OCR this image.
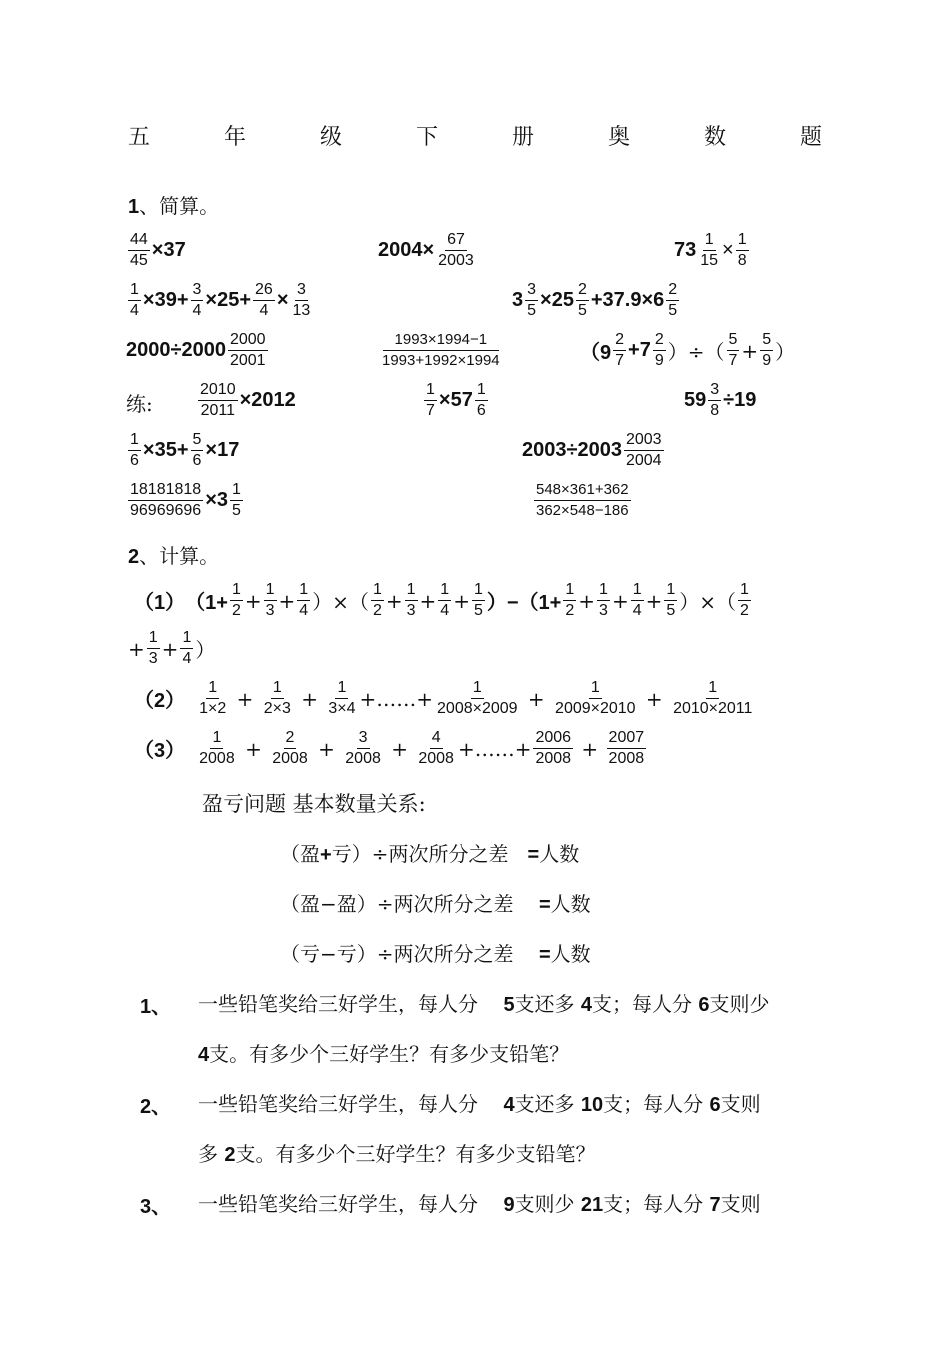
五	年	级	下	册	奥	数	题
1、简算。
$\frac{44}{45} \times 37$	$2004\times \frac{67}{2003}$	$73 \frac{1}{15} \times \frac{1}{8}$
$\frac{1}{4} \times 39+ \frac{3}{4} \times 25+ \frac{26}{4} \times \frac{3}{13}$	$3 \frac{3}{5} \times 25 \frac{2}{5} +37.9\times 6 \frac{2}{5}$
$2000\div 2000 \frac{2000}{2001}$	$\frac{1993\times 1994-1}{1993+1992\times 1994}$	（$9 \frac{2}{7} +7 \frac{2}{9}$ ）÷（ $\frac{5}{7} + \frac{5}{9}$ ）
练:	$\frac{2010}{2011} \times 2012$	$\frac{1}{7} \times 57 \frac{1}{6}$	$59 \frac{3}{8} \div 19$
$\frac{1}{6} \times 35+ \frac{5}{6} \times 17$	$2003\div 2003 \frac{2003}{2004}$
$\frac{18181818}{96969696} \times 3 \frac{1}{5}$	$\frac{548\times 361+362}{362\times 548-186}$
2、计算。
（1） （$1+ \frac{1}{2} + \frac{1}{3} + \frac{1}{4}$ ）×（ $\frac{1}{2} + \frac{1}{3} + \frac{1}{4} + \frac{1}{5} )-(1+ \frac{1}{2} + \frac{1}{3} + \frac{1}{4} + \frac{1}{5}$ ）×（ $\frac{1}{2}$
+ $\frac{1}{3} + \frac{1}{4}$ ）
$(2) \frac{1}{1\times 2} + \frac{1}{2\times 3} + \frac{1}{3\times 4}$ +……+ $\frac{1}{2008\times 2009} + \frac{1}{2009\times 2010} + \frac{1}{2010\times 2011}$
$(3) \frac{1}{2008} + \frac{2}{2008} + \frac{3}{2008} + \frac{4}{2008}$ +……+ $\frac{2006}{2008} + \frac{2007}{2008}$
盈亏问题 基本数量关系:
（盈+亏）÷两次所分之差 =人数
（盈−盈）÷两次所分之差 =人数
（亏−亏）÷两次所分之差 =人数
1、 一些铅笔奖给三好学生，每人分 5支还多 4支；每人分 6支则少
4支。有多少个三好学生？有多少支铅笔？
2、 一些铅笔奖给三好学生，每人分 4支还多 10支；每人分 6支则
多 2支。有多少个三好学生？有多少支铅笔？
3、 一些铅笔奖给三好学生，每人分 9支则少 21支；每人分 7支则
